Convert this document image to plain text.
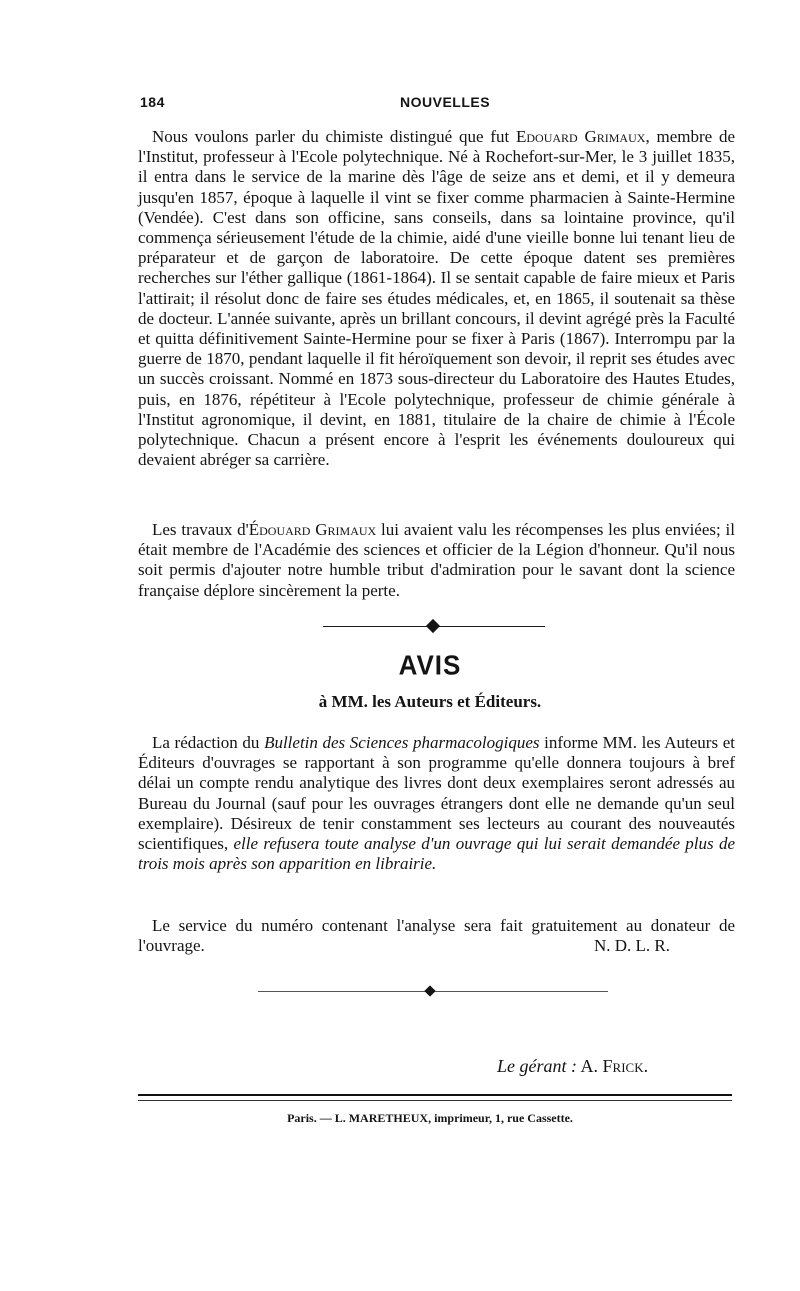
184	NOUVELLES

Nous voulons parler du chimiste distingué que fut Edouard Grimaux, membre de l'Institut, professeur à l'Ecole polytechnique. Né à Rochefort-sur-Mer, le 3 juillet 1835, il entra dans le service de la marine dès l'âge de seize ans et demi, et il y demeura jusqu'en 1857, époque à laquelle il vint se fixer comme pharmacien à Sainte-Hermine (Vendée). C'est dans son officine, sans conseils, dans sa lointaine province, qu'il commença sérieusement l'étude de la chimie, aidé d'une vieille bonne lui tenant lieu de préparateur et de garçon de laboratoire. De cette époque datent ses premières recherches sur l'éther gallique (1861-1864). Il se sentait capable de faire mieux et Paris l'attirait; il résolut donc de faire ses études médicales, et, en 1865, il soutenait sa thèse de docteur. L'année suivante, après un brillant concours, il devint agrégé près la Faculté et quitta définitivement Sainte-Hermine pour se fixer à Paris (1867). Interrompu par la guerre de 1870, pendant laquelle il fit héroïquement son devoir, il reprit ses études avec un succès croissant. Nommé en 1873 sous-directeur du Laboratoire des Hautes Etudes, puis, en 1876, répétiteur à l'Ecole polytechnique, professeur de chimie générale à l'Institut agronomique, il devint, en 1881, titulaire de la chaire de chimie à l'École polytechnique. Chacun a présent encore à l'esprit les événements douloureux qui devaient abréger sa carrière.

Les travaux d'Édouard Grimaux lui avaient valu les récompenses les plus enviées; il était membre de l'Académie des sciences et officier de la Légion d'honneur. Qu'il nous soit permis d'ajouter notre humble tribut d'admiration pour le savant dont la science française déplore sincèrement la perte.

AVIS
à MM. les Auteurs et Éditeurs.

La rédaction du Bulletin des Sciences pharmacologiques informe MM. les Auteurs et Éditeurs d'ouvrages se rapportant à son programme qu'elle donnera toujours à bref délai un compte rendu analytique des livres dont deux exemplaires seront adressés au Bureau du Journal (sauf pour les ouvrages étrangers dont elle ne demande qu'un seul exemplaire). Désireux de tenir constamment ses lecteurs au courant des nouveautés scientifiques, elle refusera toute analyse d'un ouvrage qui lui serait demandée plus de trois mois après son apparition en librairie.

Le service du numéro contenant l'analyse sera fait gratuitement au donateur de l'ouvrage.	N. D. L. R.

Le gérant : A. Frick.
Paris. — L. MARETHEUX, imprimeur, 1, rue Cassette.
